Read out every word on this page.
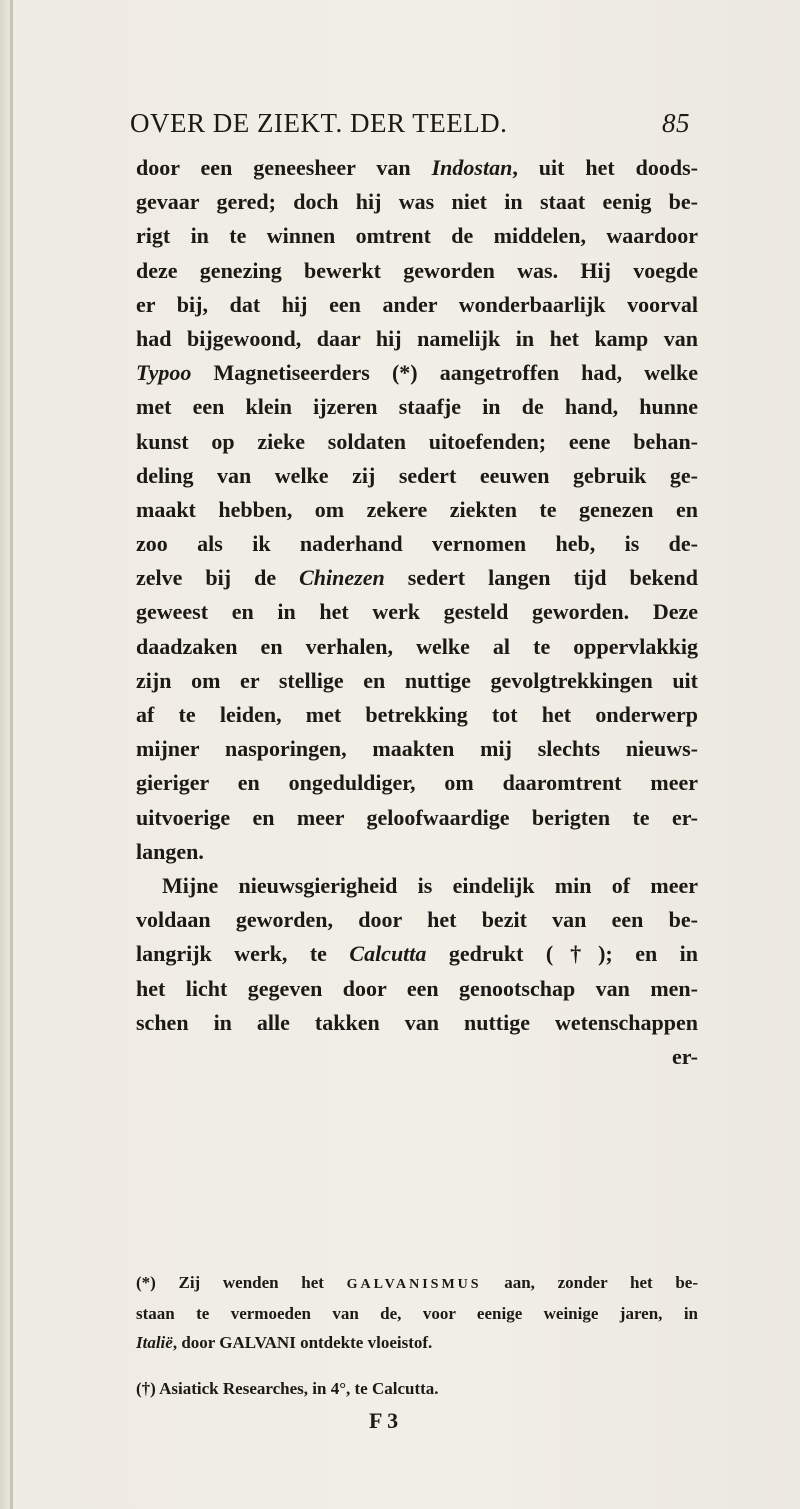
OVER DE ZIEKT. DER TEELD.	85
door een geneesheer van Indostan, uit het doods-
gevaar gered; doch hij was niet in staat eenig be-
rigt in te winnen omtrent de middelen, waardoor
deze genezing bewerkt geworden was. Hij voegde
er bij, dat hij een ander wonderbaarlijk voorval
had bijgewoond, daar hij namelijk in het kamp van
Typoo Magnetiseerders (*) aangetroffen had, welke
met een klein ijzeren staafje in de hand, hunne
kunst op zieke soldaten uitoefenden; eene behan-
deling van welke zij sedert eeuwen gebruik ge-
maakt hebben, om zekere ziekten te genezen en
zoo als ik naderhand vernomen heb, is de-
zelve bij de Chinezen sedert langen tijd bekend
geweest en in het werk gesteld geworden. Deze
daadzaken en verhalen, welke al te oppervlakkig
zijn om er stellige en nuttige gevolgtrekkingen uit
af te leiden, met betrekking tot het onderwerp
mijner nasporingen, maakten mij slechts nieuws-
gieriger en ongeduldiger, om daaromtrent meer
uitvoerige en meer geloofwaardige berigten te er-
langen.
Mijne nieuwsgierigheid is eindelijk min of meer
voldaan geworden, door het bezit van een be-
langrijk werk, te Calcutta gedrukt (†); en in
het licht gegeven door een genootschap van men-
schen in alle takken van nuttige wetenschappen
er-
(*) Zij wenden het GALVANISMUS aan, zonder het be-
staan te vermoeden van de, voor eenige weinige jaren, in
Italië, door GALVANI ontdekte vloeistof.
(†) Asiatick Researches, in 4°, te Calcutta.
F 3
